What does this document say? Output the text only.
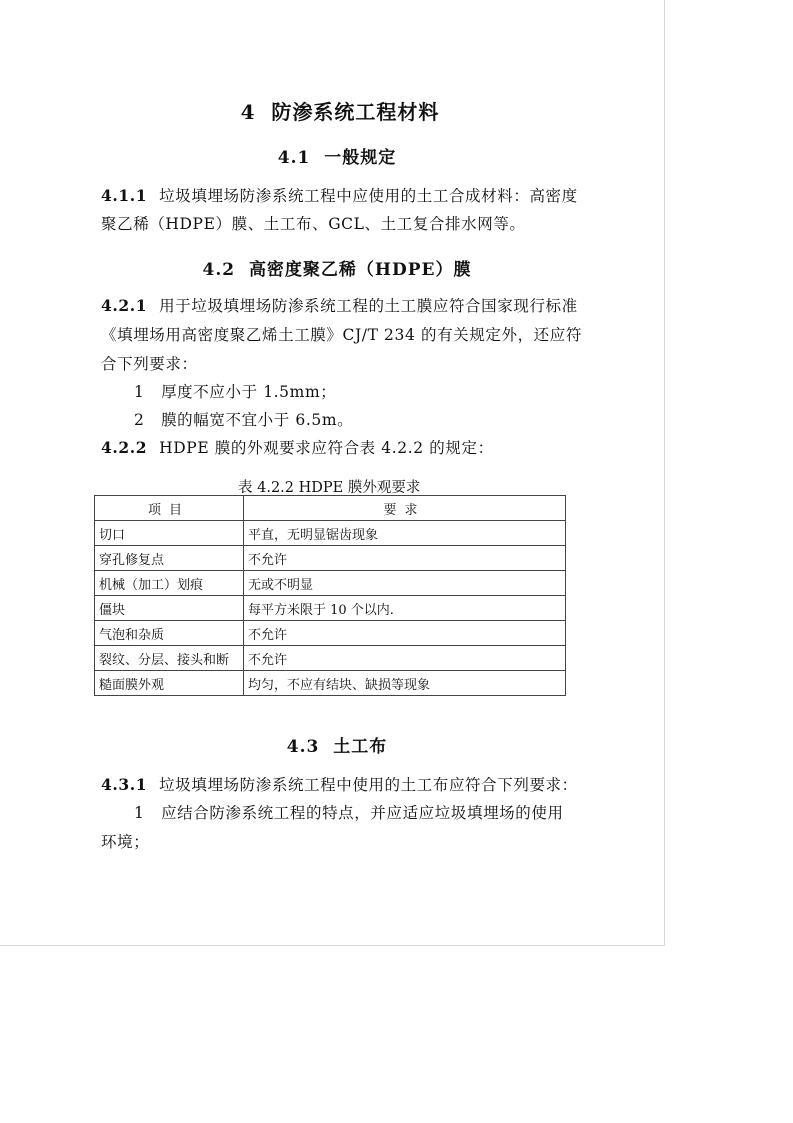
4 防渗系统工程材料
4.1 一般规定
4.1.1 垃圾填埋场防渗系统工程中应使用的土工合成材料：高密度
聚乙稀（HDPE）膜、土工布、GCL、土工复合排水网等。
4.2 高密度聚乙稀（HDPE）膜
4.2.1 用于垃圾填埋场防渗系统工程的土工膜应符合国家现行标准
《填埋场用高密度聚乙烯土工膜》CJ/T 234 的有关规定外，还应符
合下列要求：
1 厚度不应小于 1.5mm；
2 膜的幅宽不宜小于 6.5m。
4.2.2 HDPE 膜的外观要求应符合表 4.2.2 的规定：
表 4.2.2 HDPE 膜外观要求
项目	要求
切口	平直，无明显锯齿现象
穿孔修复点	不允许
机械（加工）划痕	无或不明显
僵块	每平方米限于 10 个以内.
气泡和杂质	不允许
裂纹、分层、接头和断	不允许
糙面膜外观	均匀，不应有结块、缺损等现象
4.3 土工布
4.3.1 垃圾填埋场防渗系统工程中使用的土工布应符合下列要求：
1 应结合防渗系统工程的特点，并应适应垃圾填埋场的使用
环境；
